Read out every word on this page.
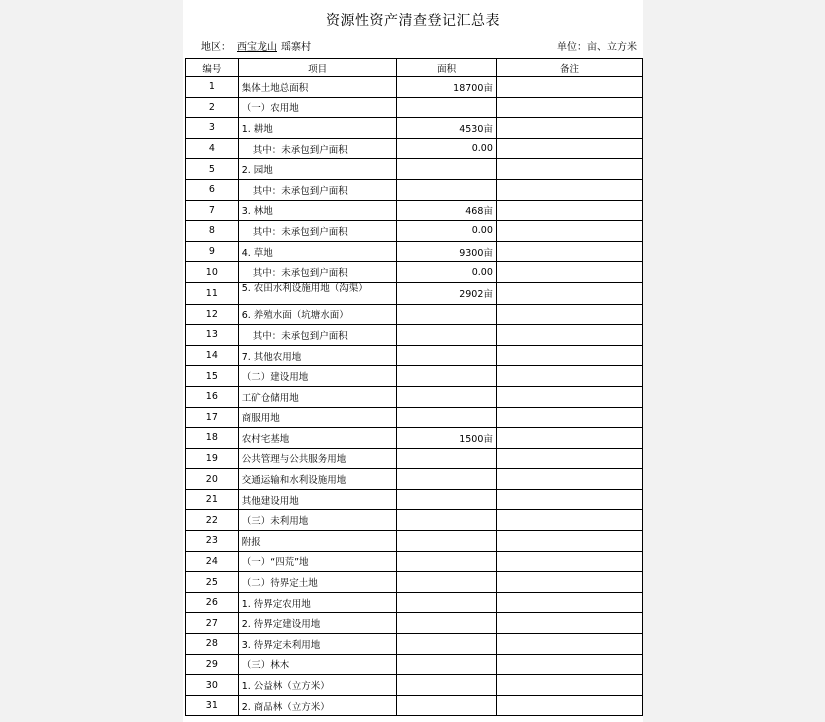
资源性资产清查登记汇总表
地区： 西宝龙山 瑶寨村	单位：亩、立方米
编号	项目	面积	备注
1	集体土地总面积	18700亩	
2	（一）农用地		
3	1. 耕地	4530亩	
4	其中：未承包到户面积	0.00	
5	2. 园地		
6	其中：未承包到户面积		
7	3. 林地	468亩	
8	其中：未承包到户面积	0.00	
9	4. 草地	9300亩	
10	其中：未承包到户面积	0.00	
11	5. 农田水利设施用地（沟渠）	2902亩	
12	6. 养殖水面（坑塘水面）		
13	其中：未承包到户面积		
14	7. 其他农用地		
15	（二）建设用地		
16	工矿仓储用地		
17	商服用地		
18	农村宅基地	1500亩	
19	公共管理与公共服务用地		
20	交通运输和水利设施用地		
21	其他建设用地		
22	（三）未利用地		
23	附报		
24	（一）“四荒”地		
25	（二）待界定土地		
26	1. 待界定农用地		
27	2. 待界定建设用地		
28	3. 待界定未利用地		
29	（三）林木		
30	1. 公益林（立方米）		
31	2. 商品林（立方米）		
